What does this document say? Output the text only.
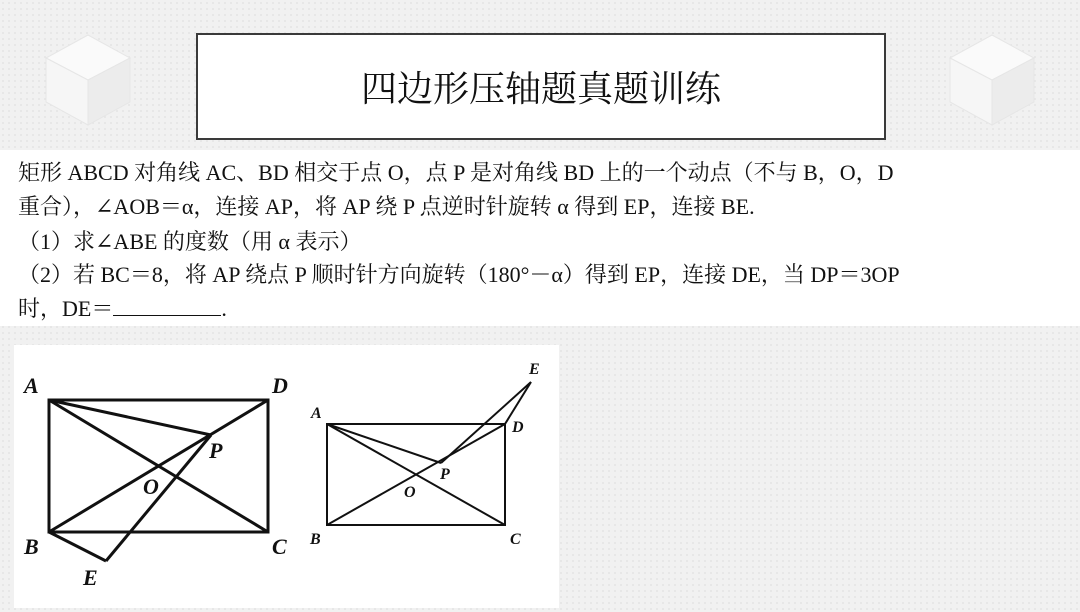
四边形压轴题真题训练
矩形 ABCD 对角线 AC、BD 相交于点 O，点 P 是对角线 BD 上的一个动点（不与 B，O，D
重合），∠AOB＝α，连接 AP，将 AP 绕 P 点逆时针旋转 α 得到 EP，连接 BE.
（1）求∠ABE 的度数（用 α 表示）
（2）若 BC＝8，将 AP 绕点 P 顺时针方向旋转（180°－α）得到 EP，连接 DE，当 DP＝3OP
时，DE＝	.
A	D
B	C
P
O
E
A
D
B	C
P
O
E
